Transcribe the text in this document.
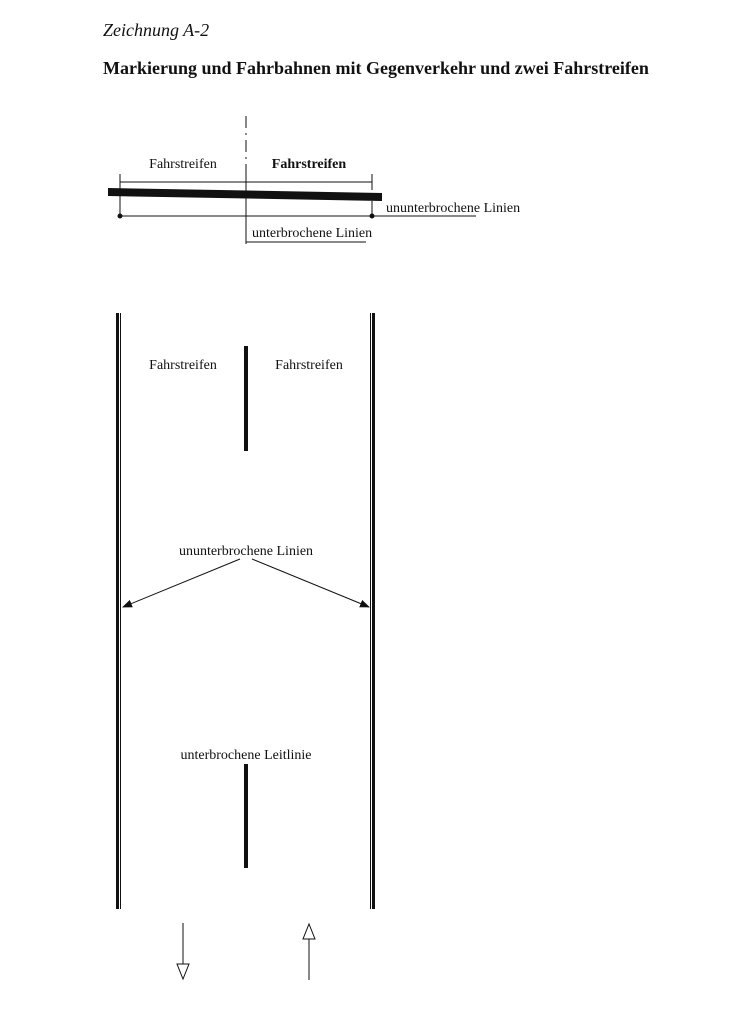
Zeichnung A-2
Markierung und Fahrbahnen mit Gegenverkehr und zwei Fahrstreifen
Fahrstreifen	Fahrstreifen
ununterbrochene Linien
unterbrochene Linien
Fahrstreifen	Fahrstreifen
ununterbrochene Linien
unterbrochene Leitlinie
